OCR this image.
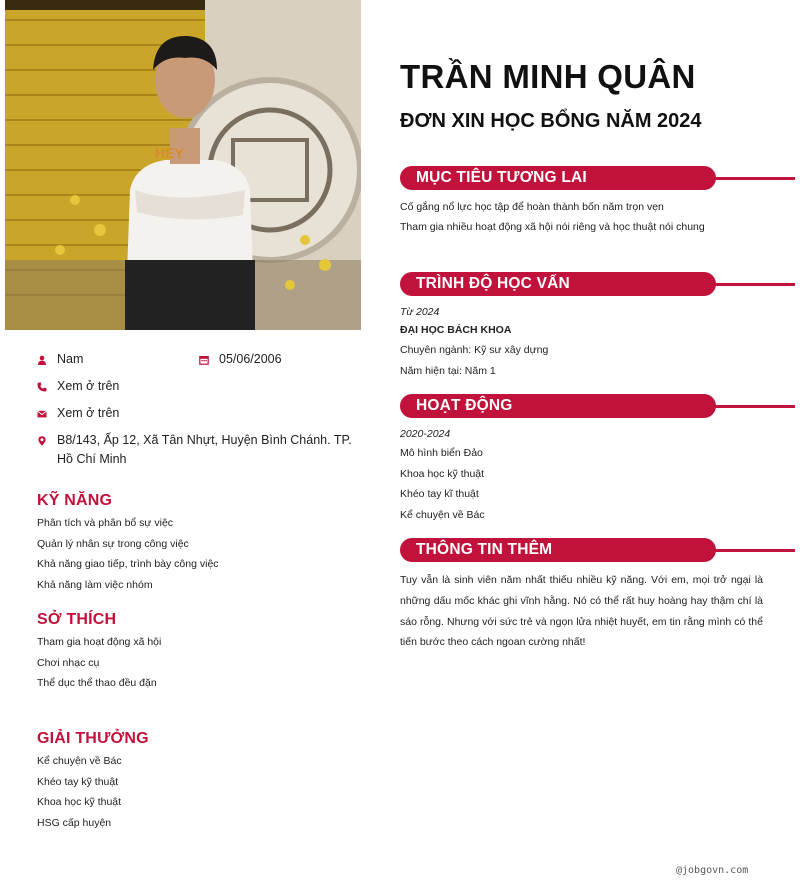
HEY
Nam	05/06/2006
Xem ở trên
Xem ở trên
B8/143, Ấp 12, Xã Tân Nhựt, Huyện Bình Chánh. TP. Hồ Chí Minh
KỸ NĂNG
Phân tích và phân bổ sự việc
Quản lý nhân sự trong công việc
Khả năng giao tiếp, trình bày công việc
Khả năng làm việc nhóm
SỞ THÍCH
Tham gia hoạt động xã hội
Chơi nhạc cụ
Thể dục thể thao đều đặn
GIẢI THƯỞNG
Kể chuyện về Bác
Khéo tay kỹ thuật
Khoa học kỹ thuật
HSG cấp huyện
TRẦN MINH QUÂN
ĐƠN XIN HỌC BỔNG NĂM 2024
MỤC TIÊU TƯƠNG LAI
Cố gắng nổ lực học tập để hoàn thành bốn năm trọn vẹn
Tham gia nhiều hoạt động xã hội nói riêng và học thuật nói chung
TRÌNH ĐỘ HỌC VẤN
Từ 2024
ĐẠI HỌC BÁCH KHOA
Chuyên ngành: Kỹ sư xây dựng
Năm hiện tại: Năm 1
HOẠT ĐỘNG
2020-2024
Mô hình biển Đảo
Khoa học kỹ thuật
Khéo tay kĩ thuật
Kể chuyện về Bác
THÔNG TIN THÊM
Tuy vẫn là sinh viên năm nhất thiếu nhiều kỹ năng. Với em, mọi trở ngại là những dấu mốc khác ghi vĩnh hằng. Nó có thể rất huy hoàng hay thậm chí là sáo rỗng. Nhưng với sức trẻ và ngọn lửa nhiệt huyết, em tin rằng mình có thể tiến bước theo cách ngoan cường nhất!
@jobgovn.com
